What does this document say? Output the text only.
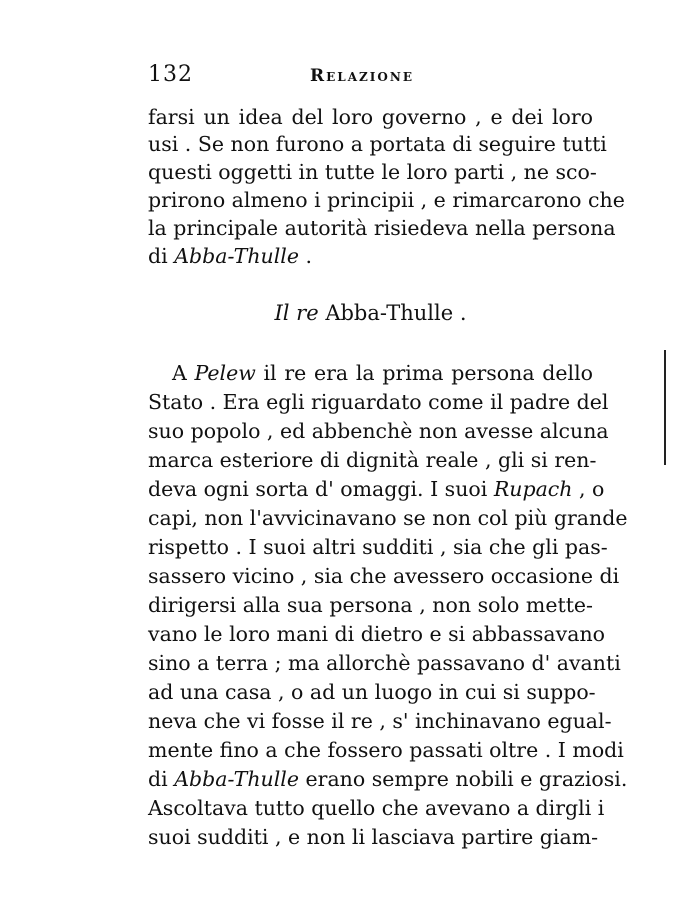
132	Relazione
farsi un idea del loro governo , e dei loro
usi . Se non furono a portata di seguire tutti
questi oggetti in tutte le loro parti , ne sco-
prirono almeno i principii , e rimarcarono che
la principale autorità risiedeva nella persona
di Abba-Thulle .
Il re Abba-Thulle .
A Pelew il re era la prima persona dello
Stato . Era egli riguardato come il padre del
suo popolo , ed abbenchè non avesse alcuna
marca esteriore di dignità reale , gli si ren-
deva ogni sorta d' omaggi. I suoi Rupach , o
capi, non l'avvicinavano se non col più grande
rispetto . I suoi altri sudditi , sia che gli pas-
sassero vicino , sia che avessero occasione di
dirigersi alla sua persona , non solo mette-
vano le loro mani di dietro e si abbassavano
sino a terra ; ma allorchè passavano d' avanti
ad una casa , o ad un luogo in cui si suppo-
neva che vi fosse il re , s' inchinavano egual-
mente fino a che fossero passati oltre . I modi
di Abba-Thulle erano sempre nobili e graziosi.
Ascoltava tutto quello che avevano a dirgli i
suoi sudditi , e non li lasciava partire giam-
